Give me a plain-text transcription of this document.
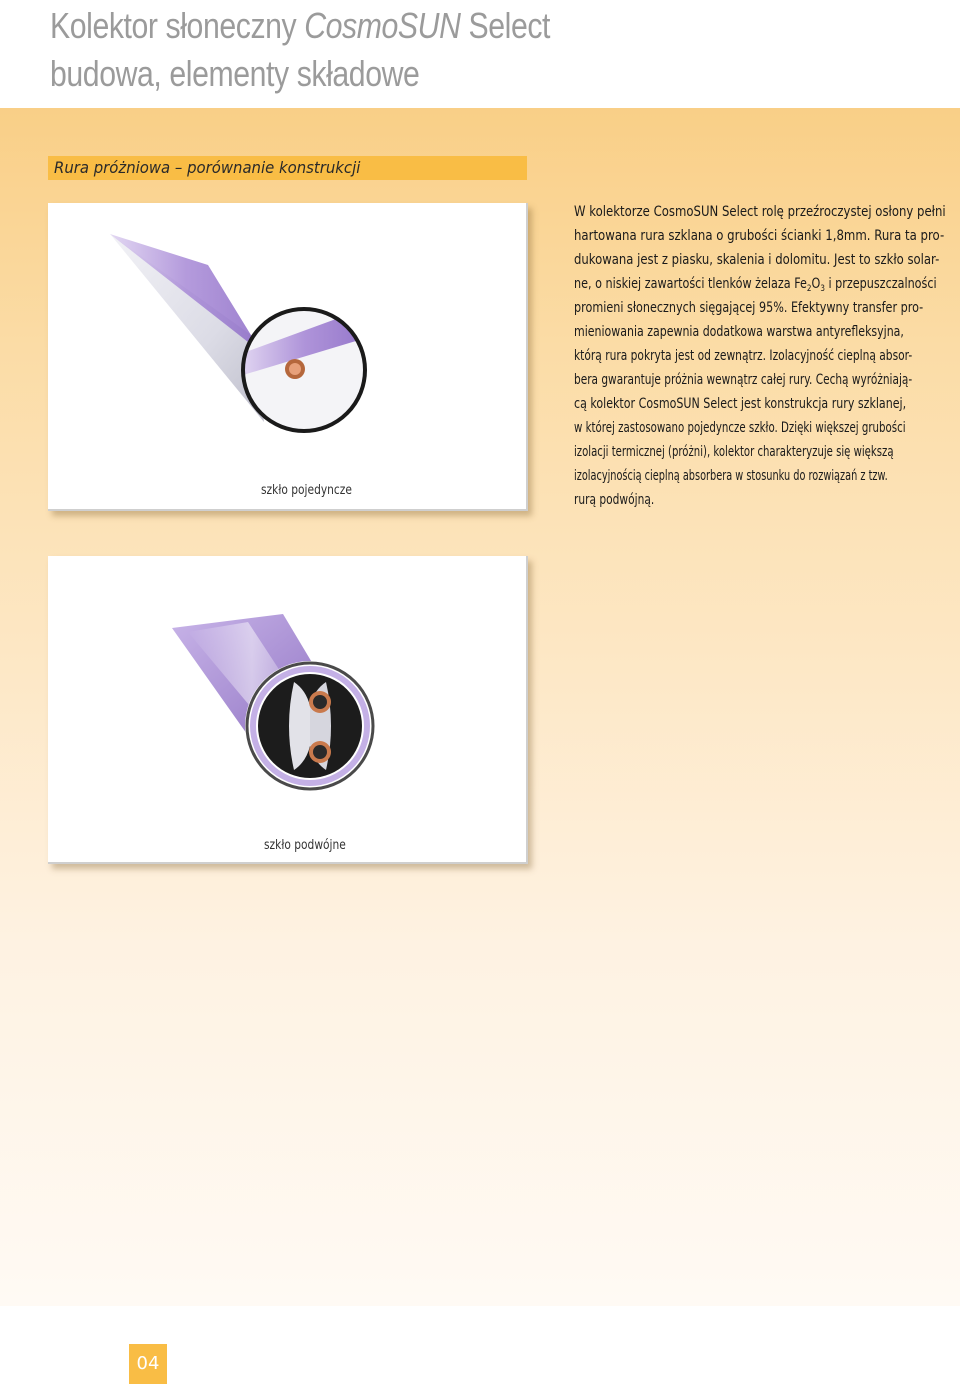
Kolektor słoneczny CosmoSUN Select
budowa, elementy składowe
Rura próżniowa – porównanie konstrukcji
szkło pojedyncze
szkło podwójne
W kolektorze CosmoSUN Select rolę przeźroczystej osłony pełni
hartowana rura szklana o grubości ścianki 1,8mm. Rura ta pro-
dukowana jest z piasku, skalenia i dolomitu. Jest to szkło solar-
ne, o niskiej zawartości tlenków żelaza $Fe_2O_3$ i przepuszczalności
promieni słonecznych sięgającej 95%. Efektywny transfer pro-
mieniowania zapewnia dodatkowa warstwa antyrefleksyjna,
którą rura pokryta jest od zewnątrz. Izolacyjność cieplną absor-
bera gwarantuje próżnia wewnątrz całej rury. Cechą wyróżniają-
cą kolektor CosmoSUN Select jest konstrukcja rury szklanej,
w której zastosowano pojedyncze szkło. Dzięki większej grubości
izolacji termicznej (próżni), kolektor charakteryzuje się większą
izolacyjnością cieplną absorbera w stosunku do rozwiązań z tzw.
rurą podwójną.
04
